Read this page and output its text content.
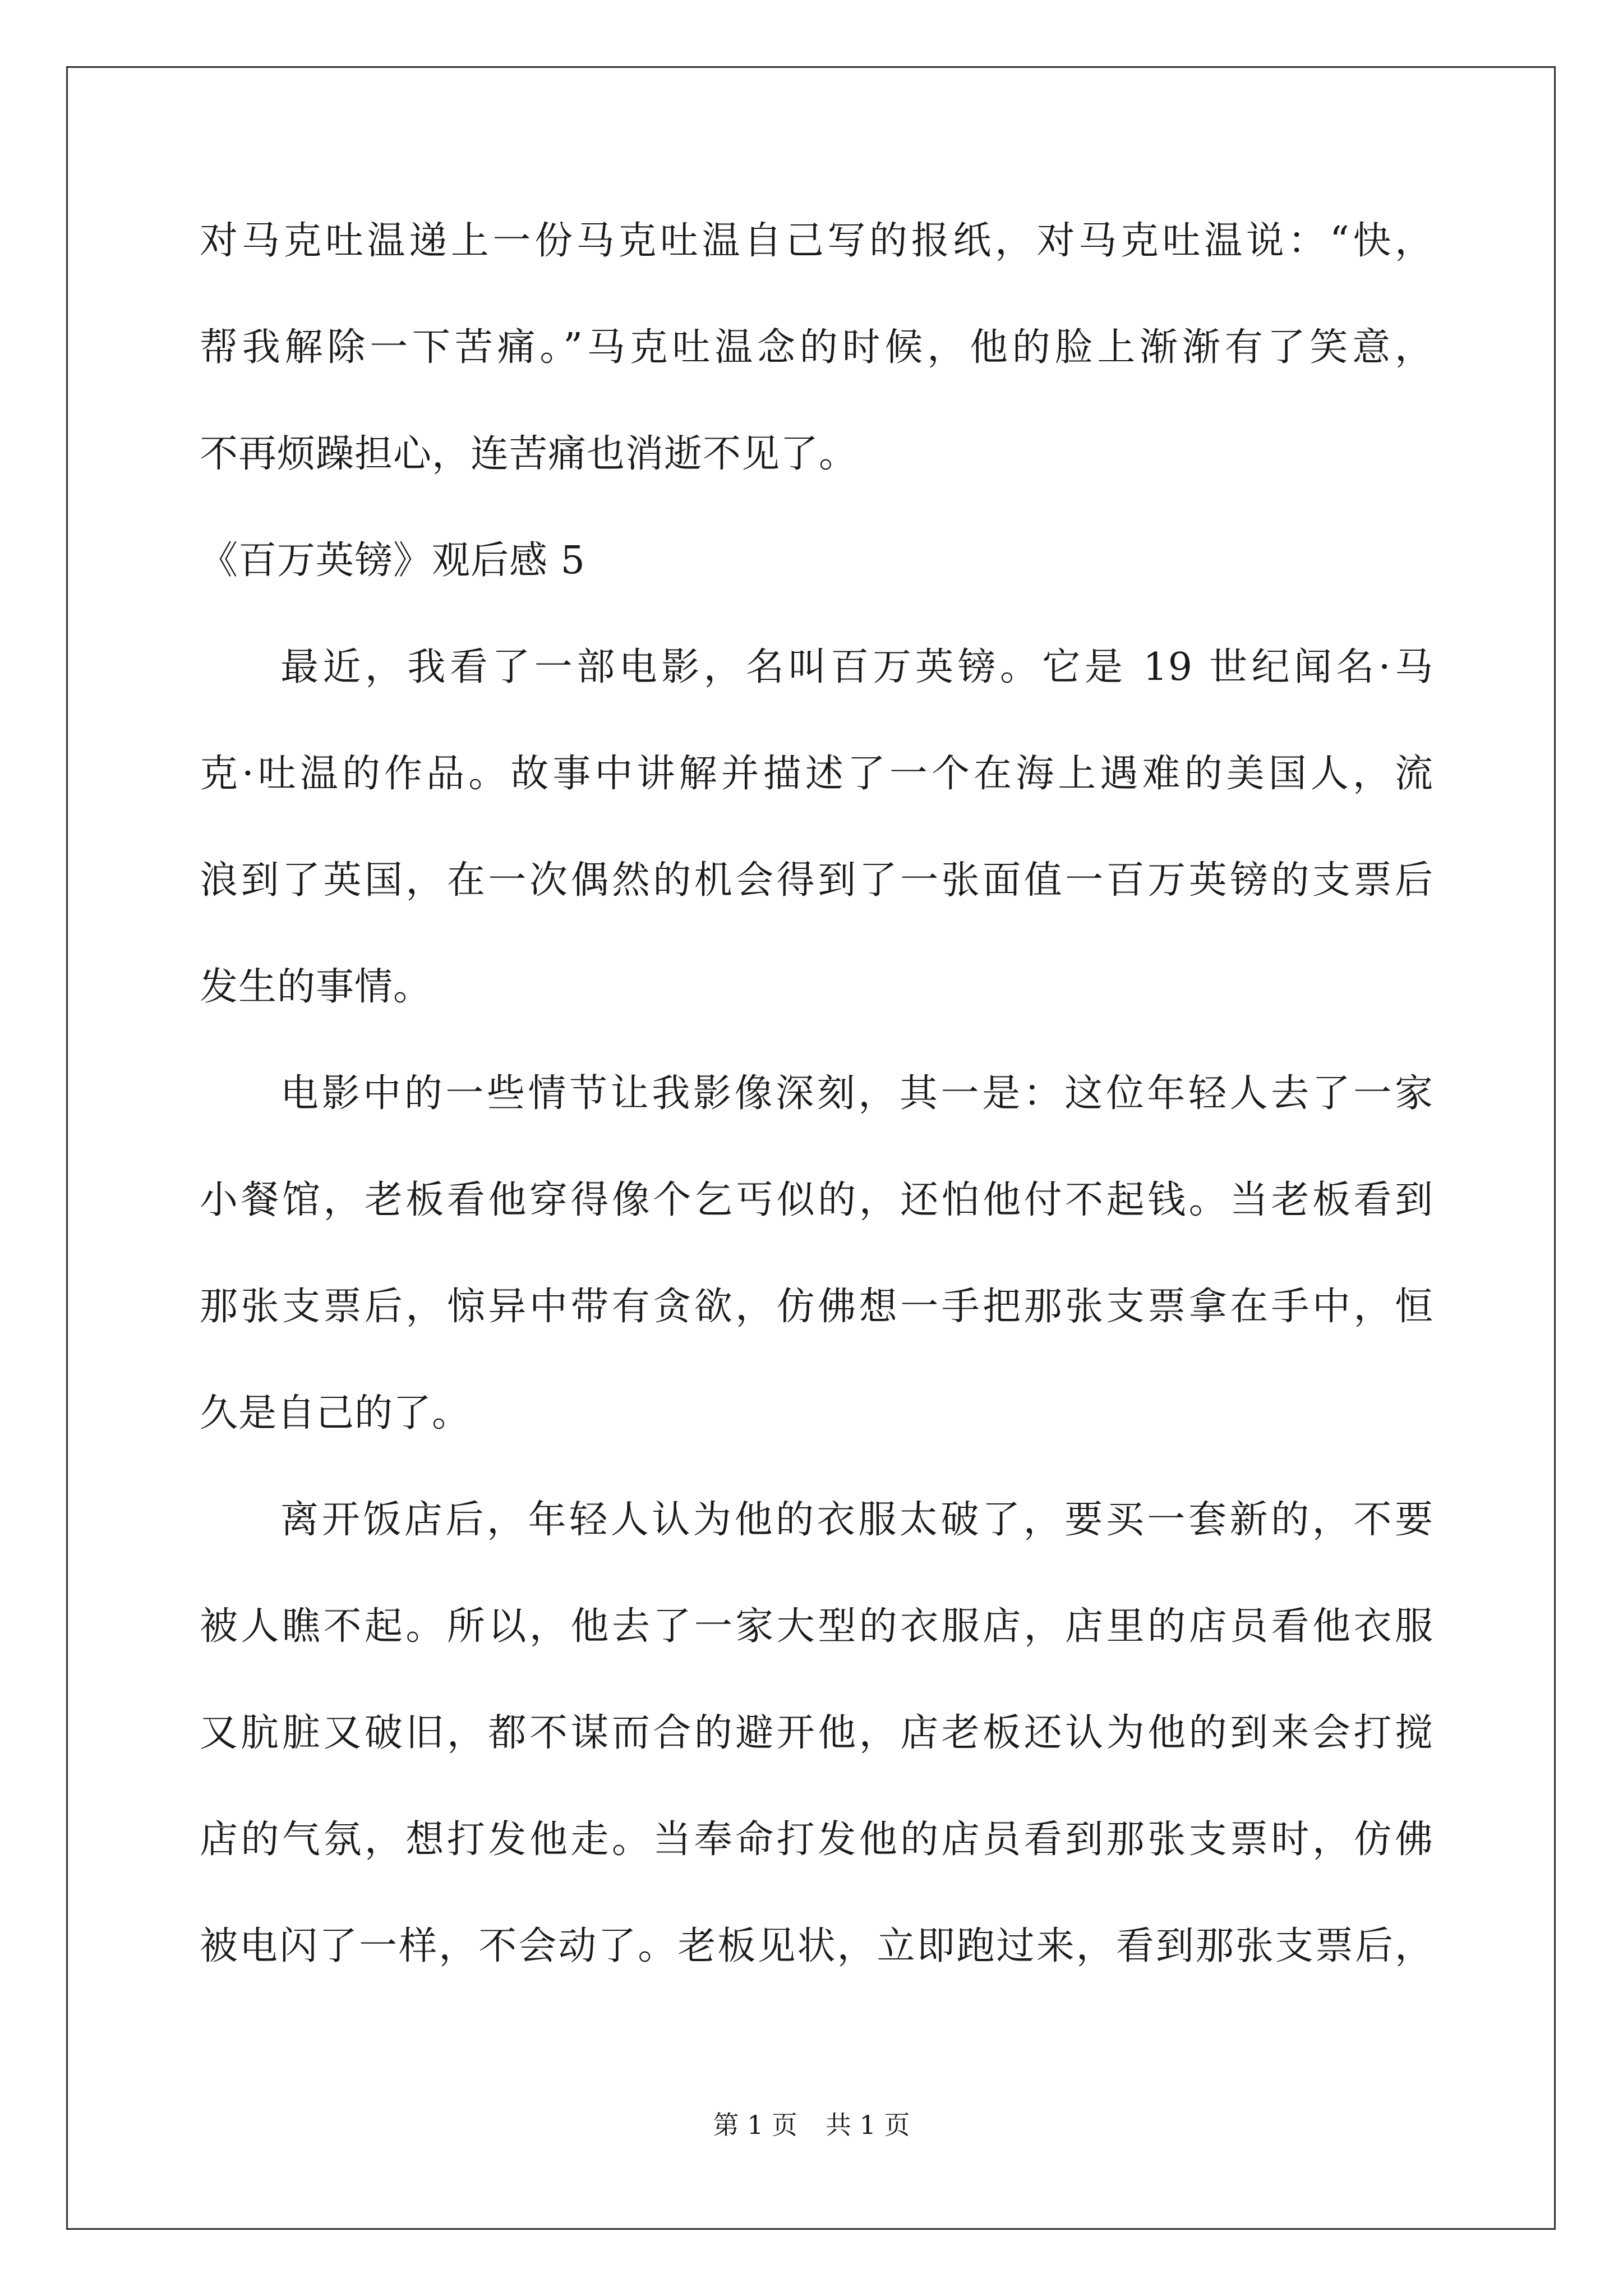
对马克吐温递上一份马克吐温自己写的报纸，对马克吐温说：“快，
帮我解除一下苦痛。”马克吐温念的时候，他的脸上渐渐有了笑意，
不再烦躁担心，连苦痛也消逝不见了。
《百万英镑》观后感 5
最近，我看了一部电影，名叫百万英镑。它是 19 世纪闻名·马
克·吐温的作品。故事中讲解并描述了一个在海上遇难的美国人，流
浪到了英国，在一次偶然的机会得到了一张面值一百万英镑的支票后
发生的事情。
电影中的一些情节让我影像深刻，其一是：这位年轻人去了一家
小餐馆，老板看他穿得像个乞丐似的，还怕他付不起钱。当老板看到
那张支票后，惊异中带有贪欲，仿佛想一手把那张支票拿在手中，恒
久是自己的了。
离开饭店后，年轻人认为他的衣服太破了，要买一套新的，不要
被人瞧不起。所以，他去了一家大型的衣服店，店里的店员看他衣服
又肮脏又破旧，都不谋而合的避开他，店老板还认为他的到来会打搅
店的气氛，想打发他走。当奉命打发他的店员看到那张支票时，仿佛
被电闪了一样，不会动了。老板见状，立即跑过来，看到那张支票后，
第 1 页 共 1 页
